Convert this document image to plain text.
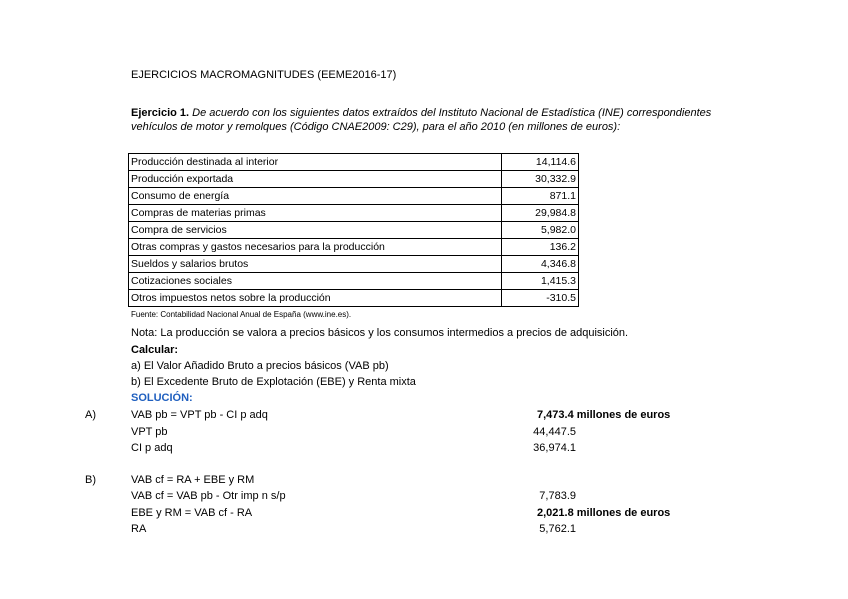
EJERCICIOS MACROMAGNITUDES (EEME2016-17)
Ejercicio 1. De acuerdo con los siguientes datos extraídos del Instituto Nacional de Estadística (INE) correspondientes
vehículos de motor y remolques (Código CNAE2009: C29), para el año 2010 (en millones de euros):
Producción destinada al interior	14,114.6
Producción exportada	30,332.9
Consumo de energía	871.1
Compras de materias primas	29,984.8
Compra de servicios	5,982.0
Otras compras y gastos necesarios para la producción	136.2
Sueldos y salarios brutos	4,346.8
Cotizaciones sociales	1,415.3
Otros impuestos netos sobre la producción	-310.5
Fuente: Contabilidad Nacional Anual de España (www.ine.es).
Nota: La producción se valora a precios básicos y los consumos intermedios a precios de adquisición.
Calcular:
a) El Valor Añadido Bruto a precios básicos (VAB pb)
b) El Excedente Bruto de Explotación (EBE) y Renta mixta
SOLUCIÓN:
A)	VAB pb = VPT pb - CI p adq	7,473.4 millones de euros
VPT pb	44,447.5
CI p adq	36,974.1
B)	VAB cf = RA + EBE y RM
VAB cf = VAB pb - Otr imp n s/p	7,783.9
EBE y RM = VAB cf - RA	2,021.8 millones de euros
RA	5,762.1
